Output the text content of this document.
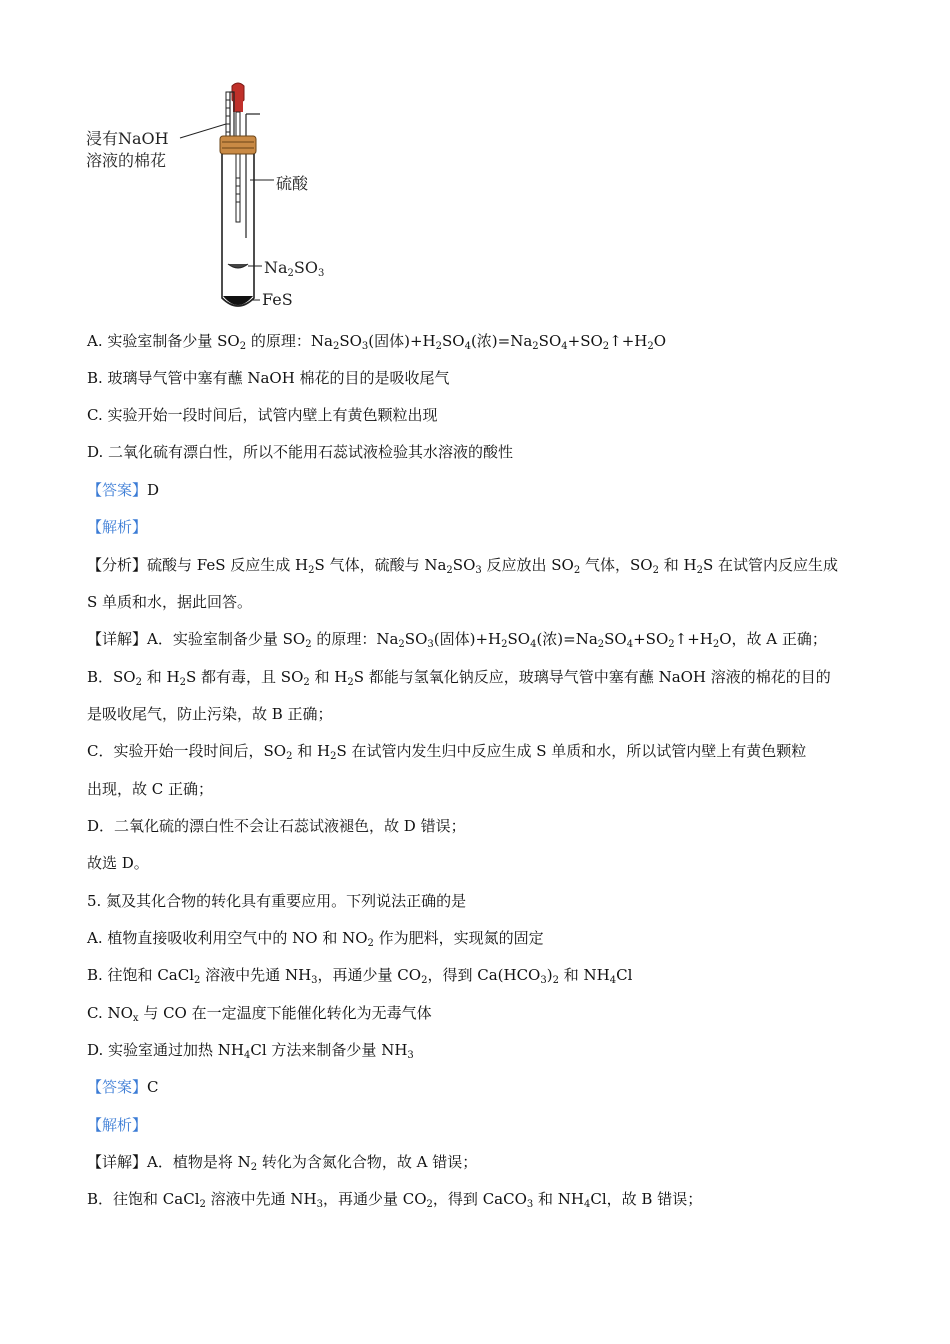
浸有NaOH
溶液的棉花
硫酸
$Na_2SO_3$
FeS
A. 实验室制备少量 $SO_2$ 的原理：$Na_2SO_3$(固体)$+H_2SO_4$(浓)$=Na_2SO_4+SO_2↑+H_2O$
B. 玻璃导气管中塞有蘸 NaOH 棉花的目的是吸收尾气
C. 实验开始一段时间后，试管内壁上有黄色颗粒出现
D. 二氧化硫有漂白性，所以不能用石蕊试液检验其水溶液的酸性
【答案】D
【解析】
【分析】硫酸与 FeS 反应生成 $H_2S$ 气体，硫酸与 $Na_2SO_3$ 反应放出 $SO_2$ 气体，$SO_2$ 和 $H_2S$ 在试管内反应生成
S 单质和水，据此回答。
【详解】A．实验室制备少量 $SO_2$ 的原理：$Na_2SO_3$(固体)$+H_2SO_4$(浓)$=Na_2SO_4+SO_2↑+H_2O$，故 A 正确；
B．$SO_2$ 和 $H_2S$ 都有毒，且 $SO_2$ 和 $H_2S$ 都能与氢氧化钠反应，玻璃导气管中塞有蘸 NaOH 溶液的棉花的目的
是吸收尾气，防止污染，故 B 正确；
C．实验开始一段时间后，$SO_2$ 和 $H_2S$ 在试管内发生归中反应生成 S 单质和水，所以试管内壁上有黄色颗粒
出现，故 C 正确；
D．二氧化硫的漂白性不会让石蕊试液褪色，故 D 错误；
故选 D。
5. 氮及其化合物的转化具有重要应用。下列说法正确的是
A. 植物直接吸收利用空气中的 NO 和 $NO_2$ 作为肥料，实现氮的固定
B. 往饱和 CaCl$_2$ 溶液中先通 $NH_3$，再通少量 $CO_2$，得到 $Ca(HCO_3)_2$ 和 $NH_4Cl$
C. $NO_x$ 与 CO 在一定温度下能催化转化为无毒气体
D. 实验室通过加热 $NH_4Cl$ 方法来制备少量 $NH_3$
【答案】C
【解析】
【详解】A．植物是将 $N_2$ 转化为含氮化合物，故 A 错误；
B．往饱和 CaCl$_2$ 溶液中先通 $NH_3$，再通少量 $CO_2$，得到 CaCO$_3$ 和 $NH_4Cl$，故 B 错误；
